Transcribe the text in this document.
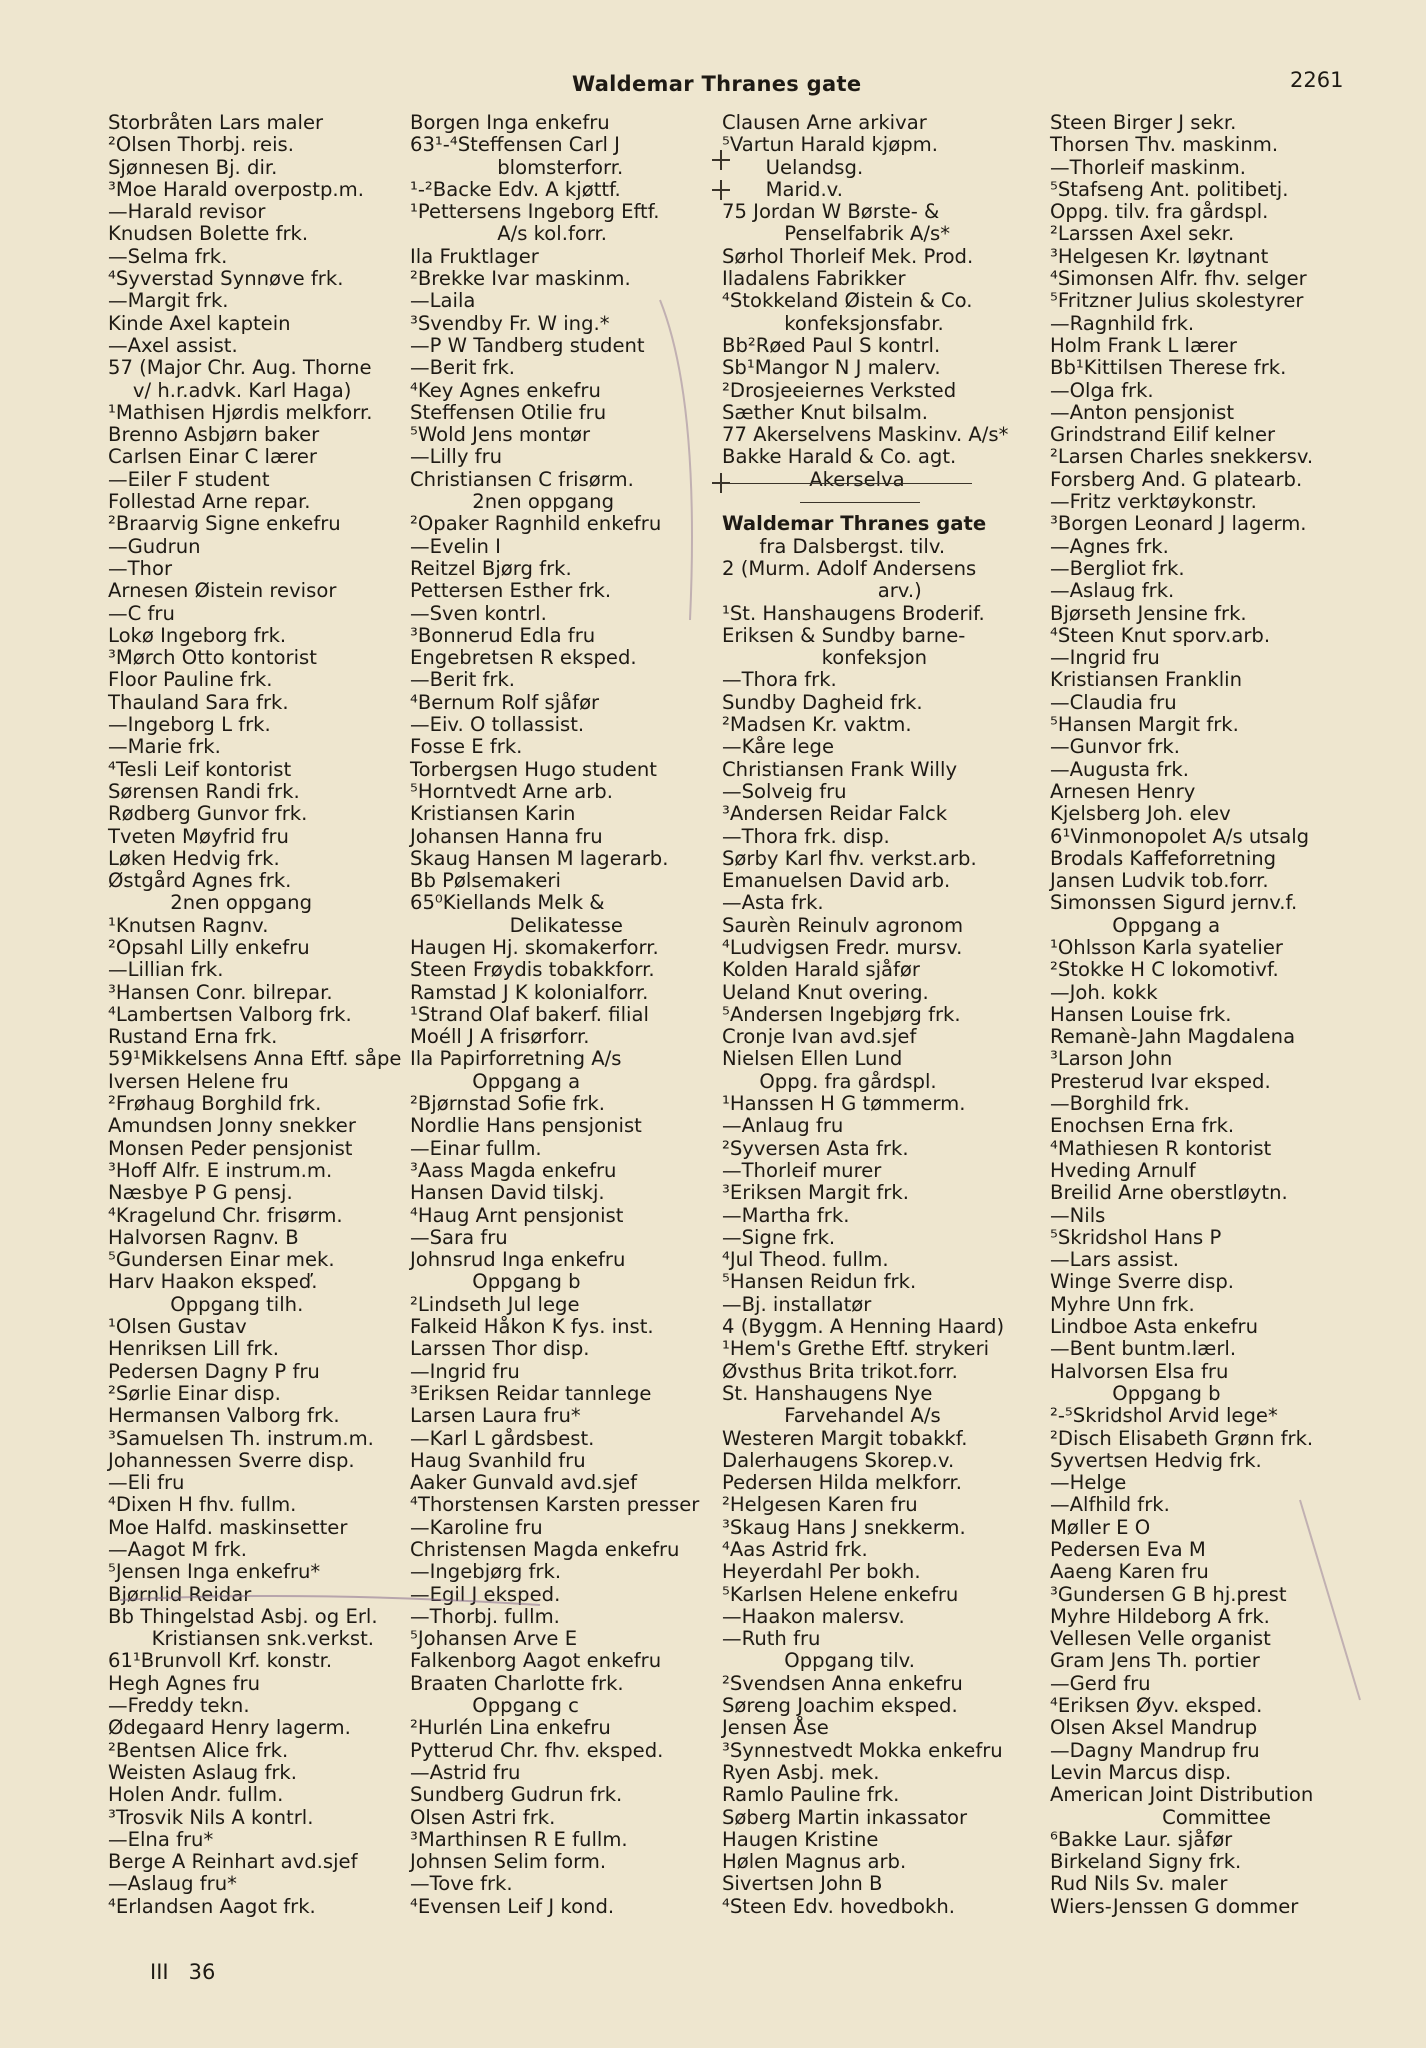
Waldemar Thranes gate	2261
Storbråten Lars maler
²Olsen Thorbj. reis.
Sjønnesen Bj. dir.
³Moe Harald overpostp.m.
—Harald revisor
Knudsen Bolette frk.
—Selma frk.
⁴Syverstad Synnøve frk.
—Margit frk.
Kinde Axel kaptein
—Axel assist.
57 (Major Chr. Aug. Thorne
v/ h.r.advk. Karl Haga)
¹Mathisen Hjørdis melkforr.
Brenno Asbjørn baker
Carlsen Einar C lærer
—Eiler F student
Follestad Arne repar.
²Braarvig Signe enkefru
—Gudrun
—Thor
Arnesen Øistein revisor
—C fru
Lokø Ingeborg frk.
³Mørch Otto kontorist
Floor Pauline frk.
Thauland Sara frk.
—Ingeborg L frk.
—Marie frk.
⁴Tesli Leif kontorist
Sørensen Randi frk.
Rødberg Gunvor frk.
Tveten Møyfrid fru
Løken Hedvig frk.
Østgård Agnes frk.
2nen oppgang
¹Knutsen Ragnv.
²Opsahl Lilly enkefru
—Lillian frk.
³Hansen Conr. bilrepar.
⁴Lambertsen Valborg frk.
Rustand Erna frk.
59¹Mikkelsens Anna Eftf. såpe
Iversen Helene fru
²Frøhaug Borghild frk.
Amundsen Jonny snekker
Monsen Peder pensjonist
³Hoff Alfr. E instrum.m.
Næsbye P G pensj.
⁴Kragelund Chr. frisørm.
Halvorsen Ragnv. B
⁵Gundersen Einar mek.
Harv Haakon ekspeď.
Oppgang tilh.
¹Olsen Gustav
Henriksen Lill frk.
Pedersen Dagny P fru
²Sørlie Einar disp.
Hermansen Valborg frk.
³Samuelsen Th. instrum.m.
Johannessen Sverre disp.
—Eli fru
⁴Dixen H fhv. fullm.
Moe Halfd. maskinsetter
—Aagot M frk.
⁵Jensen Inga enkefru*
Bjørnlid Reidar
Bb Thingelstad Asbj. og Erl.
Kristiansen snk.verkst.
61¹Brunvoll Krf. konstr.
Hegh Agnes fru
—Freddy tekn.
Ødegaard Henry lagerm.
²Bentsen Alice frk.
Weisten Aslaug frk.
Holen Andr. fullm.
³Trosvik Nils A kontrl.
—Elna fru*
Berge A Reinhart avd.sjef
—Aslaug fru*
⁴Erlandsen Aagot frk.
Borgen Inga enkefru
63¹-⁴Steffensen Carl J
blomsterforr.
¹-²Backe Edv. A kjøttf.
¹Pettersens Ingeborg Eftf.
A/s kol.forr.
Ila Fruktlager
²Brekke Ivar maskinm.
—Laila
³Svendby Fr. W ing.*
—P W Tandberg student
—Berit frk.
⁴Key Agnes enkefru
Steffensen Otilie fru
⁵Wold Jens montør
—Lilly fru
Christiansen C frisørm.
2nen oppgang
²Opaker Ragnhild enkefru
—Evelin I
Reitzel Bjørg frk.
Pettersen Esther frk.
—Sven kontrl.
³Bonnerud Edla fru
Engebretsen R eksped.
—Berit frk.
⁴Bernum Rolf sjåfør
—Eiv. O tollassist.
Fosse E frk.
Torbergsen Hugo student
⁵Horntvedt Arne arb.
Kristiansen Karin
Johansen Hanna fru
Skaug Hansen M lagerarb.
Bb Pølsemakeri
65⁰Kiellands Melk &
Delikatesse
Haugen Hj. skomakerforr.
Steen Frøydis tobakkforr.
Ramstad J K kolonialforr.
¹Strand Olaf bakerf. filial
Moéll J A frisørforr.
Ila Papirforretning A/s
Oppgang a
²Bjørnstad Sofie frk.
Nordlie Hans pensjonist
—Einar fullm.
³Aass Magda enkefru
Hansen David tilskj.
⁴Haug Arnt pensjonist
—Sara fru
Johnsrud Inga enkefru
Oppgang b
²Lindseth Jul lege
Falkeid Håkon K fys. inst.
Larssen Thor disp.
—Ingrid fru
³Eriksen Reidar tannlege
Larsen Laura fru*
—Karl L gårdsbest.
Haug Svanhild fru
Aaker Gunvald avd.sjef
⁴Thorstensen Karsten presser
—Karoline fru
Christensen Magda enkefru
—Ingebjørg frk.
—Egil J eksped.
—Thorbj. fullm.
⁵Johansen Arve E
Falkenborg Aagot enkefru
Braaten Charlotte frk.
Oppgang c
²Hurlén Lina enkefru
Pytterud Chr. fhv. eksped.
—Astrid fru
Sundberg Gudrun frk.
Olsen Astri frk.
³Marthinsen R E fullm.
Johnsen Selim form.
—Tove frk.
⁴Evensen Leif J kond.
Clausen Arne arkivar
⁵Vartun Harald kjøpm.
Uelandsg.
Marid.v.
75 Jordan W Børste- &
Penselfabrik A/s*
Sørhol Thorleif Mek. Prod.
Iladalens Fabrikker
⁴Stokkeland Øistein & Co.
konfeksjonsfabr.
Bb²Røed Paul S kontrl.
Sb¹Mangor N J malerv.
²Drosjeeiernes Verksted
Sæther Knut bilsalm.
77 Akerselvens Maskinv. A/s*
Bakke Harald & Co. agt.
Akerselva
Waldemar Thranes gate
fra Dalsbergst. tilv.
2 (Murm. Adolf Andersens
arv.)
¹St. Hanshaugens Broderif.
Eriksen & Sundby barne-
konfeksjon
—Thora frk.
Sundby Dagheid frk.
²Madsen Kr. vaktm.
—Kåre lege
Christiansen Frank Willy
—Solveig fru
³Andersen Reidar Falck
—Thora frk. disp.
Sørby Karl fhv. verkst.arb.
Emanuelsen David arb.
—Asta frk.
Saurèn Reinulv agronom
⁴Ludvigsen Fredr. mursv.
Kolden Harald sjåfør
Ueland Knut overing.
⁵Andersen Ingebjørg frk.
Cronje Ivan avd.sjef
Nielsen Ellen Lund
Oppg. fra gårdspl.
¹Hanssen H G tømmerm.
—Anlaug fru
²Syversen Asta frk.
—Thorleif murer
³Eriksen Margit frk.
—Martha frk.
—Signe frk.
⁴Jul Theod. fullm.
⁵Hansen Reidun frk.
—Bj. installatør
4 (Byggm. A Henning Haard)
¹Hem's Grethe Eftf. strykeri
Øvsthus Brita trikot.forr.
St. Hanshaugens Nye
Farvehandel A/s
Westeren Margit tobakkf.
Dalerhaugens Skorep.v.
Pedersen Hilda melkforr.
²Helgesen Karen fru
³Skaug Hans J snekkerm.
⁴Aas Astrid frk.
Heyerdahl Per bokh.
⁵Karlsen Helene enkefru
—Haakon malersv.
—Ruth fru
Oppgang tilv.
²Svendsen Anna enkefru
Søreng Joachim eksped.
Jensen Åse
³Synnestvedt Mokka enkefru
Ryen Asbj. mek.
Ramlo Pauline frk.
Søberg Martin inkassator
Haugen Kristine
Hølen Magnus arb.
Sivertsen John B
⁴Steen Edv. hovedbokh.
Steen Birger J sekr.
Thorsen Thv. maskinm.
—Thorleif maskinm.
⁵Stafseng Ant. politibetj.
Oppg. tilv. fra gårdspl.
²Larssen Axel sekr.
³Helgesen Kr. løytnant
⁴Simonsen Alfr. fhv. selger
⁵Fritzner Julius skolestyrer
—Ragnhild frk.
Holm Frank L lærer
Bb¹Kittilsen Therese frk.
—Olga frk.
—Anton pensjonist
Grindstrand Eilif kelner
²Larsen Charles snekkersv.
Forsberg And. G platearb.
—Fritz verktøykonstr.
³Borgen Leonard J lagerm.
—Agnes frk.
—Bergliot frk.
—Aslaug frk.
Bjørseth Jensine frk.
⁴Steen Knut sporv.arb.
—Ingrid fru
Kristiansen Franklin
—Claudia fru
⁵Hansen Margit frk.
—Gunvor frk.
—Augusta frk.
Arnesen Henry
Kjelsberg Joh. elev
6¹Vinmonopolet A/s utsalg
Brodals Kaffeforretning
Jansen Ludvik tob.forr.
Simonssen Sigurd jernv.f.
Oppgang a
¹Ohlsson Karla syatelier
²Stokke H C lokomotivf.
—Joh. kokk
Hansen Louise frk.
Remanè-Jahn Magdalena
³Larson John
Presterud Ivar eksped.
—Borghild frk.
Enochsen Erna frk.
⁴Mathiesen R kontorist
Hveding Arnulf
Breilid Arne oberstløytn.
—Nils
⁵Skridshol Hans P
—Lars assist.
Winge Sverre disp.
Myhre Unn frk.
Lindboe Asta enkefru
—Bent buntm.lærl.
Halvorsen Elsa fru
Oppgang b
²-⁵Skridshol Arvid lege*
²Disch Elisabeth Grønn frk.
Syvertsen Hedvig frk.
—Helge
—Alfhild frk.
Møller E O
Pedersen Eva M
Aaeng Karen fru
³Gundersen G B hj.prest
Myhre Hildeborg A frk.
Vellesen Velle organist
Gram Jens Th. portier
—Gerd fru
⁴Eriksen Øyv. eksped.
Olsen Aksel Mandrup
—Dagny Mandrup fru
Levin Marcus disp.
American Joint Distribution
Committee
⁶Bakke Laur. sjåfør
Birkeland Signy frk.
Rud Nils Sv. maler
Wiers-Jenssen G dommer
III 36
